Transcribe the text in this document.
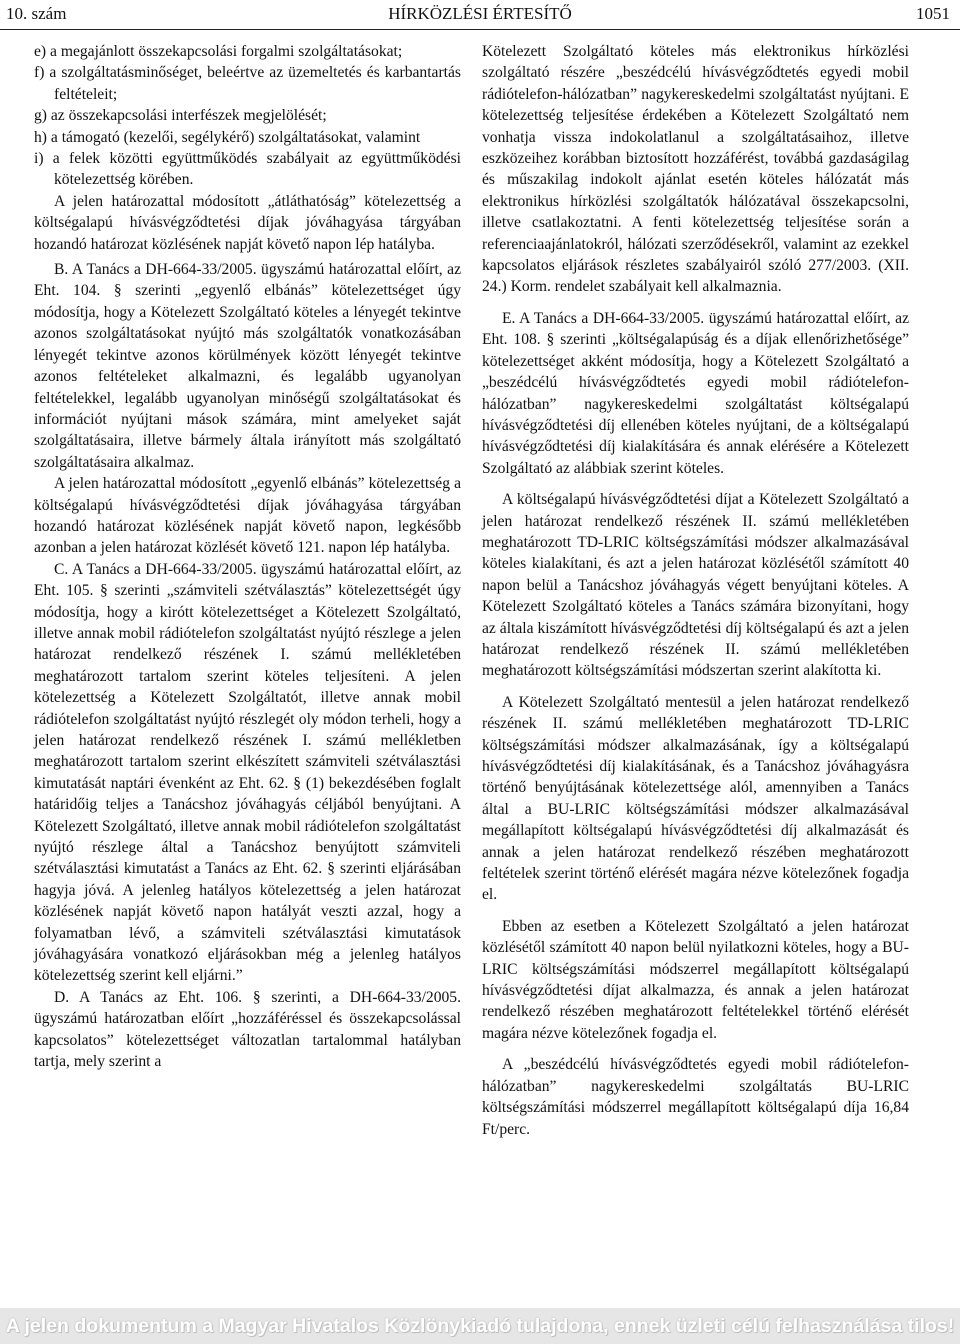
10. szám	HÍRKÖZLÉSI ÉRTESÍTŐ	1051

e) a megajánlott összekapcsolási forgalmi szolgáltatásokat;

f) a szolgáltatásminőséget, beleértve az üzemeltetés és karbantartás feltételeit;

g) az összekapcsolási interfészek megjelölését;

h) a támogató (kezelői, segélykérő) szolgáltatásokat, valamint

i) a felek közötti együttműködés szabályait az együttműködési kötelezettség körében.

A jelen határozattal módosított „átláthatóság” kötelezettség a költségalapú hívásvégződtetési díjak jóváhagyása tárgyában hozandó határozat közlésének napját követő napon lép hatályba.

B. A Tanács a DH-664-33/2005. ügyszámú határozattal előírt, az Eht. 104. § szerinti „egyenlő elbánás” kötelezettséget úgy módosítja, hogy a Kötelezett Szolgáltató köteles a lényegét tekintve azonos szolgáltatásokat nyújtó más szolgáltatók vonatkozásában lényegét tekintve azonos körülmények között lényegét tekintve azonos feltételeket alkalmazni, és legalább ugyanolyan feltételekkel, legalább ugyanolyan minőségű szolgáltatásokat és információt nyújtani mások számára, mint amelyeket saját szolgáltatásaira, illetve bármely általa irányított más szolgáltató szolgáltatásaira alkalmaz.

A jelen határozattal módosított „egyenlő elbánás” kötelezettség a költségalapú hívásvégződtetési díjak jóváhagyása tárgyában hozandó határozat közlésének napját követő napon, legkésőbb azonban a jelen határozat közlését követő 121. napon lép hatályba.

C. A Tanács a DH-664-33/2005. ügyszámú határozattal előírt, az Eht. 105. § szerinti „számviteli szétválasztás” kötelezettségét úgy módosítja, hogy a kirótt kötelezettséget a Kötelezett Szolgáltató, illetve annak mobil rádiótelefon szolgáltatást nyújtó részlege a jelen határozat rendelkező részének I. számú mellékletében meghatározott tartalom szerint köteles teljesíteni. A jelen kötelezettség a Kötelezett Szolgáltatót, illetve annak mobil rádiótelefon szolgáltatást nyújtó részlegét oly módon terheli, hogy a jelen határozat rendelkező részének I. számú mellékletben meghatározott tartalom szerint elkészített számviteli szétválasztási kimutatását naptári évenként az Eht. 62. § (1) bekezdésében foglalt határidőig teljes a Tanácshoz jóváhagyás céljából benyújtani. A Kötelezett Szolgáltató, illetve annak mobil rádiótelefon szolgáltatást nyújtó részlege által a Tanácshoz benyújtott számviteli szétválasztási kimutatást a Tanács az Eht. 62. § szerinti eljárásában hagyja jóvá. A jelenleg hatályos kötelezettség a jelen határozat közlésének napját követő napon hatályát veszti azzal, hogy a folyamatban lévő, a számviteli szétválasztási kimutatások jóváhagyására vonatkozó eljárásokban még a jelenleg hatályos kötelezettség szerint kell eljárni.”

D. A Tanács az Eht. 106. § szerinti, a DH-664-33/2005. ügyszámú határozatban előírt „hozzáféréssel és összekapcsolással kapcsolatos” kötelezettséget változatlan tartalommal hatályban tartja, mely szerint a

Kötelezett Szolgáltató köteles más elektronikus hírközlési szolgáltató részére „beszédcélú hívásvégződtetés egyedi mobil rádiótelefon-hálózatban” nagykereskedelmi szolgáltatást nyújtani. E kötelezettség teljesítése érdekében a Kötelezett Szolgáltató nem vonhatja vissza indokolatlanul a szolgáltatásaihoz, illetve eszközeihez korábban biztosított hozzáférést, továbbá gazdaságilag és műszakilag indokolt ajánlat esetén köteles hálózatát más elektronikus hírközlési szolgáltatók hálózatával összekapcsolni, illetve csatlakoztatni. A fenti kötelezettség teljesítése során a referenciaajánlatokról, hálózati szerződésekről, valamint az ezekkel kapcsolatos eljárások részletes szabályairól szóló 277/2003. (XII. 24.) Korm. rendelet szabályait kell alkalmaznia.

E. A Tanács a DH-664-33/2005. ügyszámú határozattal előírt, az Eht. 108. § szerinti „költségalapúság és a díjak ellenőrizhetősége” kötelezettséget akként módosítja, hogy a Kötelezett Szolgáltató a „beszédcélú hívásvégződtetés egyedi mobil rádiótelefon-hálózatban” nagykereskedelmi szolgáltatást költségalapú hívásvégződtetési díj ellenében köteles nyújtani, de a költségalapú hívásvégződtetési díj kialakítására és annak elérésére a Kötelezett Szolgáltató az alábbiak szerint köteles.

A költségalapú hívásvégződtetési díjat a Kötelezett Szolgáltató a jelen határozat rendelkező részének II. számú mellékletében meghatározott TD-LRIC költségszámítási módszer alkalmazásával köteles kialakítani, és azt a jelen határozat közlésétől számított 40 napon belül a Tanácshoz jóváhagyás végett benyújtani köteles. A Kötelezett Szolgáltató köteles a Tanács számára bizonyítani, hogy az általa kiszámított hívásvégződtetési díj költségalapú és azt a jelen határozat rendelkező részének II. számú mellékletében meghatározott költségszámítási módszertan szerint alakította ki.

A Kötelezett Szolgáltató mentesül a jelen határozat rendelkező részének II. számú mellékletében meghatározott TD-LRIC költségszámítási módszer alkalmazásának, így a költségalapú hívásvégződtetési díj kialakításának, és a Tanácshoz jóváhagyásra történő benyújtásának kötelezettsége alól, amennyiben a Tanács által a BU-LRIC költségszámítási módszer alkalmazásával megállapított költségalapú hívásvégződtetési díj alkalmazását és annak a jelen határozat rendelkező részében meghatározott feltételek szerint történő elérését magára nézve kötelezőnek fogadja el.

Ebben az esetben a Kötelezett Szolgáltató a jelen határozat közlésétől számított 40 napon belül nyilatkozni köteles, hogy a BU-LRIC költségszámítási módszerrel megállapított költségalapú hívásvégződtetési díjat alkalmazza, és annak a jelen határozat rendelkező részében meghatározott feltételekkel történő elérését magára nézve kötelezőnek fogadja el.

A „beszédcélú hívásvégződtetés egyedi mobil rádiótelefon-hálózatban” nagykereskedelmi szolgáltatás BU-LRIC költségszámítási módszerrel megállapított költségalapú díja 16,84 Ft/perc.

A jelen dokumentum a Magyar Hivatalos Közlönykiadó tulajdona, ennek üzleti célú felhasználása tilos!
